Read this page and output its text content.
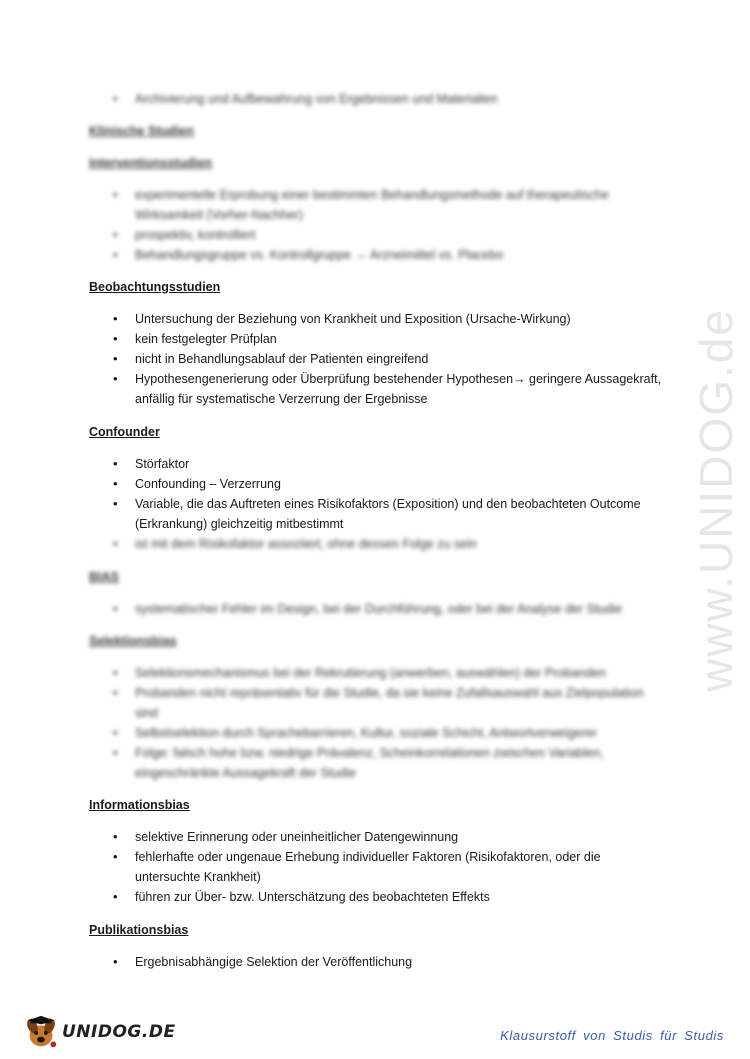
www.UNIDOG.de
• Archivierung und Aufbewahrung von Ergebnissen und Materialien

Klinische Studien

Interventionsstudien

• experimentelle Erprobung einer bestimmten Behandlungsmethode auf therapeutische Wirksamkeit (Vorher-Nachher)
• prospektiv, kontrolliert
• Behandlungsgruppe vs. Kontrollgruppe → Arzneimittel vs. Placebo

Beobachtungsstudien

• Untersuchung der Beziehung von Krankheit und Exposition (Ursache-Wirkung)
• kein festgelegter Prüfplan
• nicht in Behandlungsablauf der Patienten eingreifend
• Hypothesengenerierung oder Überprüfung bestehender Hypothesen→ geringere Aussagekraft, anfällig für systematische Verzerrung der Ergebnisse

Confounder

• Störfaktor
• Confounding – Verzerrung
• Variable, die das Auftreten eines Risikofaktors (Exposition) und den beobachteten Outcome (Erkrankung) gleichzeitig mitbestimmt
• ist mit dem Risikofaktor assoziiert, ohne dessen Folge zu sein

BIAS

• systematischer Fehler im Design, bei der Durchführung, oder bei der Analyse der Studie

Selektionsbias

• Selektionsmechanismus bei der Rekrutierung (anwerben, auswählen) der Probanden
• Probanden nicht repräsentativ für die Studie, da sie keine Zufallsauswahl aus Zielpopulation sind
• Selbstselektion durch Sprachebarrieren, Kultur, soziale Schicht, Antwortverweigerer
• Folge: falsch hohe bzw. niedrige Prävalenz, Scheinkorrelationen zwischen Variablen, eingeschränkte Aussagekraft der Studie

Informationsbias

• selektive Erinnerung oder uneinheitlicher Datengewinnung
• fehlerhafte oder ungenaue Erhebung individueller Faktoren (Risikofaktoren, oder die untersuchte Krankheit)
• führen zur Über- bzw. Unterschätzung des beobachteten Effekts

Publikationsbias

• Ergebnisabhängige Selektion der Veröffentlichung
UNIDOG.DE	Klausurstoff von Studis für Studis
